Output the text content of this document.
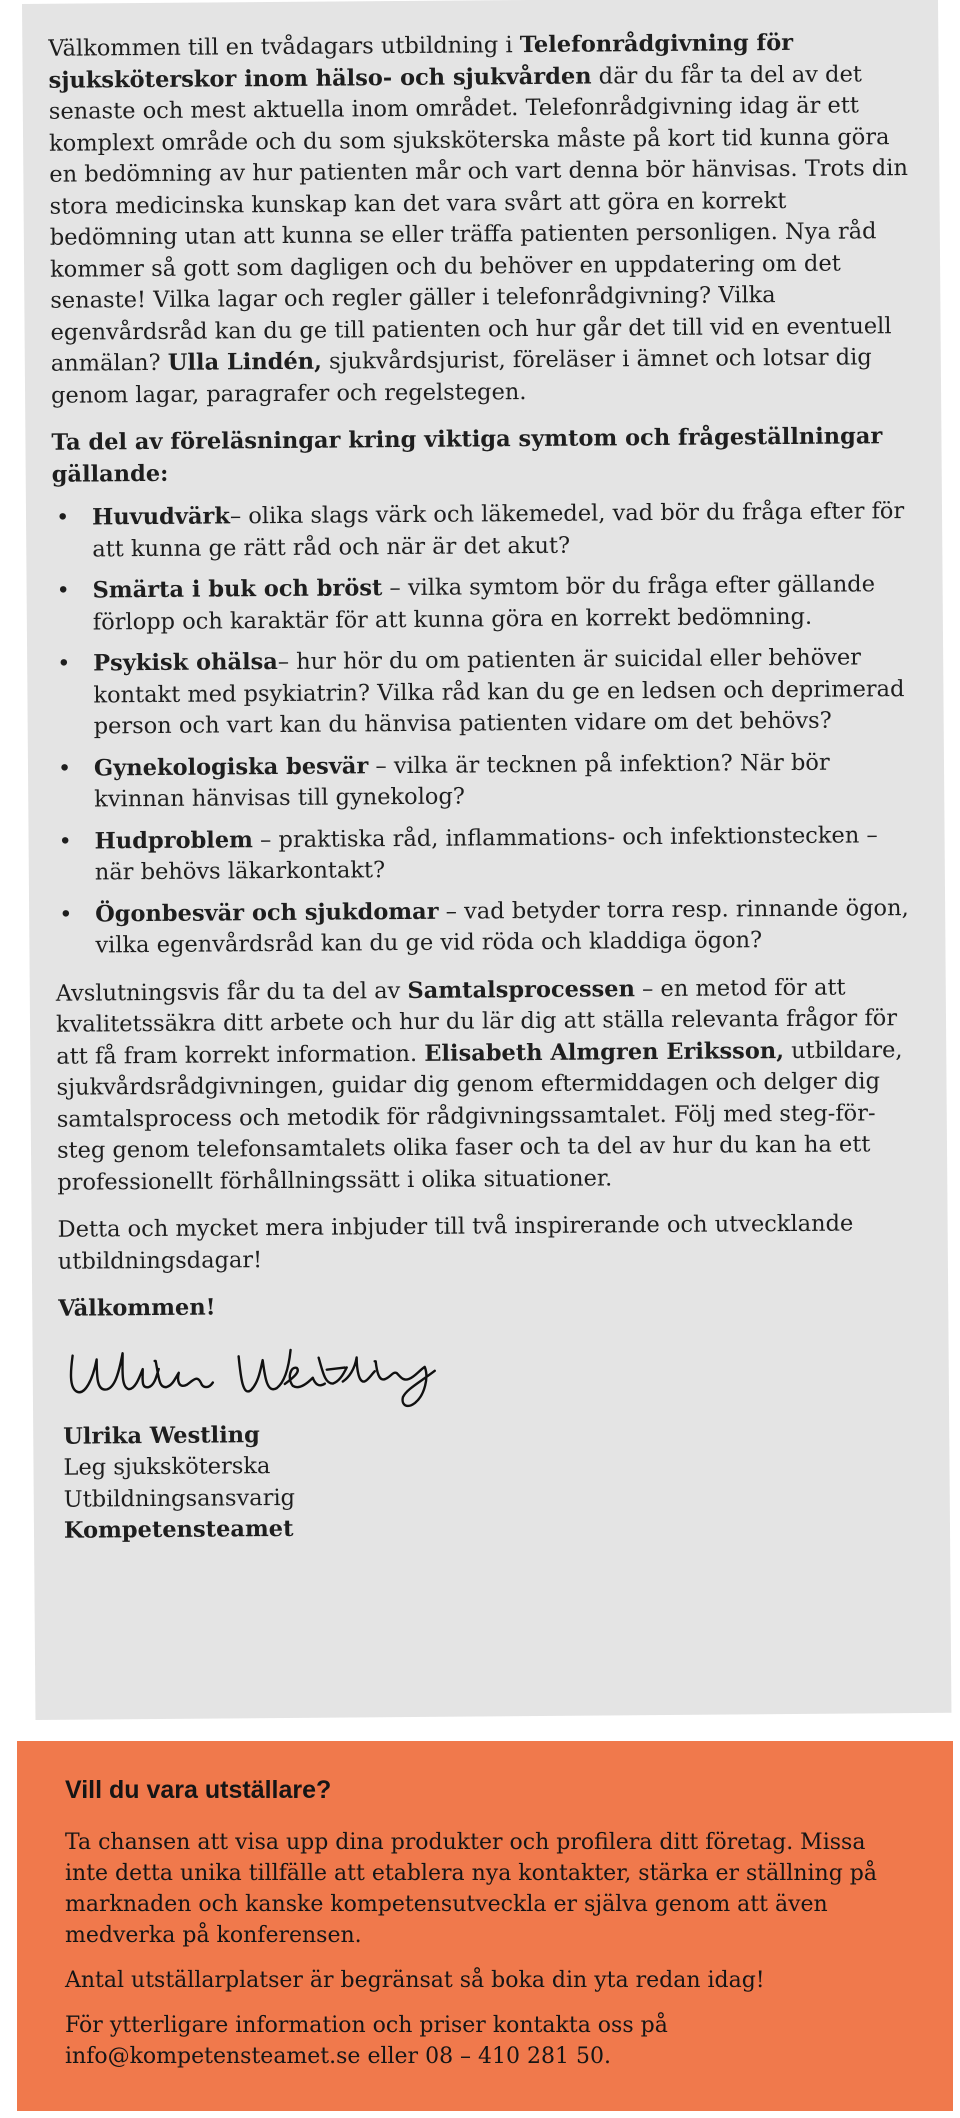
Välkommen till en tvådagars utbildning i Telefonrådgivning för sjuksköterskor inom hälso- och sjukvården där du får ta del av det senaste och mest aktuella inom området. Telefonrådgivning idag är ett komplext område och du som sjuksköterska måste på kort tid kunna göra en bedömning av hur patienten mår och vart denna bör hänvisas. Trots din stora medicinska kunskap kan det vara svårt att göra en korrekt bedömning utan att kunna se eller träffa patienten personligen. Nya råd kommer så gott som dagligen och du behöver en uppdatering om det senaste! Vilka lagar och regler gäller i telefonrådgivning? Vilka egenvårdsråd kan du ge till patienten och hur går det till vid en eventuell anmälan? Ulla Lindén, sjukvårdsjurist, föreläser i ämnet och lotsar dig genom lagar, paragrafer och regelstegen.

Ta del av föreläsningar kring viktiga symtom och frågeställningar gällande:
• Huvudvärk– olika slags värk och läkemedel, vad bör du fråga efter för att kunna ge rätt råd och när är det akut?
• Smärta i buk och bröst – vilka symtom bör du fråga efter gällande förlopp och karaktär för att kunna göra en korrekt bedömning.
• Psykisk ohälsa– hur hör du om patienten är suicidal eller behöver kontakt med psykiatrin? Vilka råd kan du ge en ledsen och deprimerad person och vart kan du hänvisa patienten vidare om det behövs?
• Gynekologiska besvär – vilka är tecknen på infektion? När bör kvinnan hänvisas till gynekolog?
• Hudproblem – praktiska råd, inflammations- och infektionstecken – när behövs läkarkontakt?
• Ögonbesvär och sjukdomar – vad betyder torra resp. rinnande ögon, vilka egenvårdsråd kan du ge vid röda och kladdiga ögon?

Avslutningsvis får du ta del av Samtalsprocessen – en metod för att kvalitetssäkra ditt arbete och hur du lär dig att ställa relevanta frågor för att få fram korrekt information. Elisabeth Almgren Eriksson, utbildare, sjukvårdsrådgivningen, guidar dig genom eftermiddagen och delger dig samtalsprocess och metodik för rådgivningssamtalet. Följ med steg-för-steg genom telefonsamtalets olika faser och ta del av hur du kan ha ett professionellt förhållningssätt i olika situationer.

Detta och mycket mera inbjuder till två inspirerande och utvecklande utbildningsdagar!

Välkommen!
Ulrika Westling
Leg sjuksköterska
Utbildningsansvarig
Kompetensteamet
Vill du vara utställare?

Ta chansen att visa upp dina produkter och profilera ditt företag. Missa inte detta unika tillfälle att etablera nya kontakter, stärka er ställning på marknaden och kanske kompetensutveckla er själva genom att även medverka på konferensen.

Antal utställarplatser är begränsat så boka din yta redan idag!

För ytterligare information och priser kontakta oss på info@kompetensteamet.se eller 08 – 410 281 50.
